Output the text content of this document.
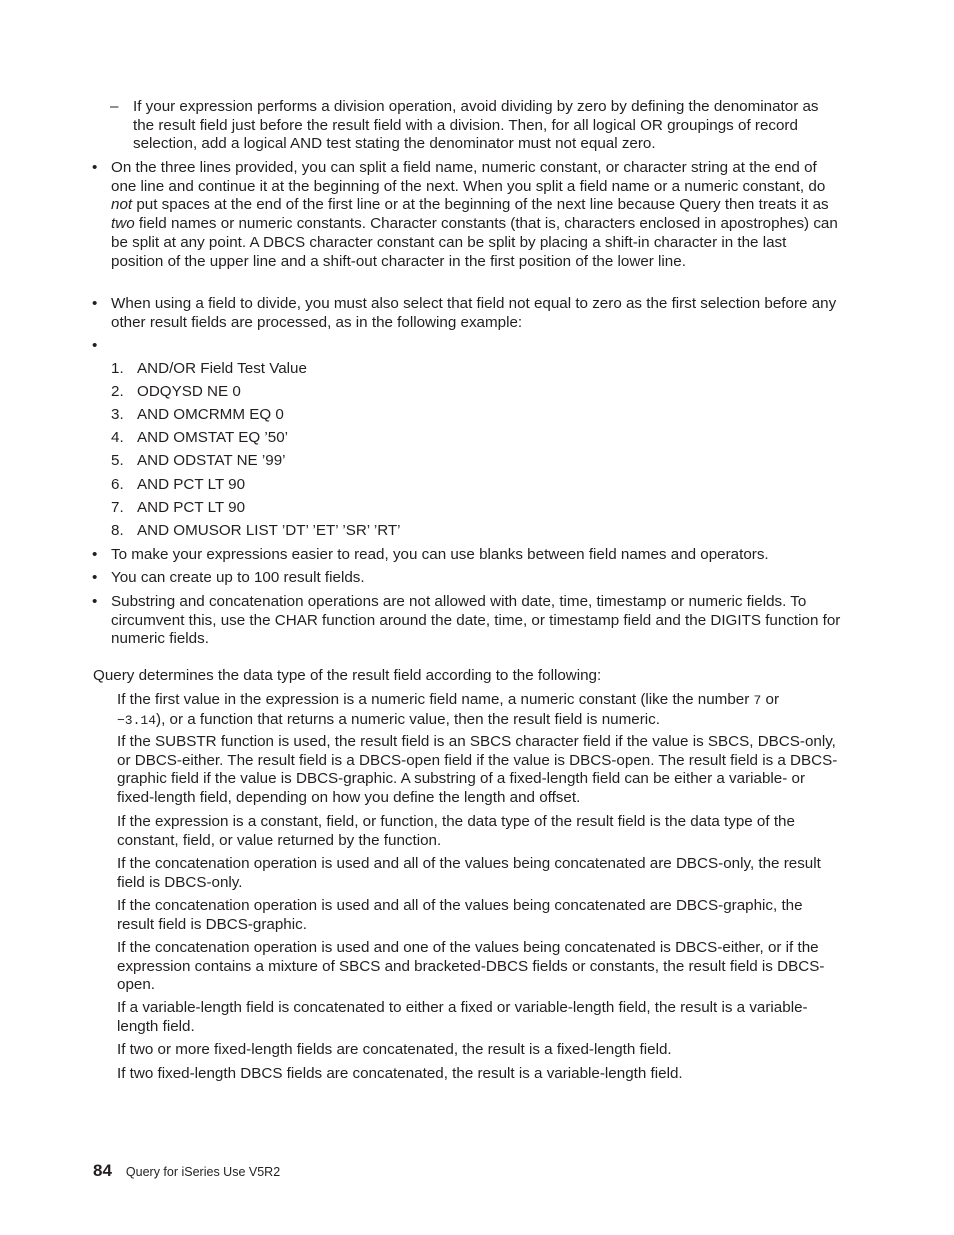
– If your expression performs a division operation, avoid dividing by zero by defining the denominator as the result field just before the result field with a division. Then, for all logical OR groupings of record selection, add a logical AND test stating the denominator must not equal zero.
• On the three lines provided, you can split a field name, numeric constant, or character string at the end of one line and continue it at the beginning of the next. When you split a field name or a numeric constant, do not put spaces at the end of the first line or at the beginning of the next line because Query then treats it as two field names or numeric constants. Character constants (that is, characters enclosed in apostrophes) can be split at any point. A DBCS character constant can be split by placing a shift-in character in the last position of the upper line and a shift-out character in the first position of the lower line.
• When using a field to divide, you must also select that field not equal to zero as the first selection before any other result fields are processed, as in the following example:
•
1. AND/OR Field Test Value
2. ODQYSD NE 0
3. AND OMCRMM EQ 0
4. AND OMSTAT EQ ’50’
5. AND ODSTAT NE ’99’
6. AND PCT LT 90
7. AND PCT LT 90
8. AND OMUSOR LIST ’DT’ ’ET’ ’SR’ ’RT’
• To make your expressions easier to read, you can use blanks between field names and operators.
• You can create up to 100 result fields.
• Substring and concatenation operations are not allowed with date, time, timestamp or numeric fields. To circumvent this, use the CHAR function around the date, time, or timestamp field and the DIGITS function for numeric fields.
Query determines the data type of the result field according to the following:
If the first value in the expression is a numeric field name, a numeric constant (like the number 7 or
−3.14), or a function that returns a numeric value, then the result field is numeric.
If the SUBSTR function is used, the result field is an SBCS character field if the value is SBCS, DBCS-only, or DBCS-either. The result field is a DBCS-open field if the value is DBCS-open. The result field is a DBCS-graphic field if the value is DBCS-graphic. A substring of a fixed-length field can be either a variable- or fixed-length field, depending on how you define the length and offset.
If the expression is a constant, field, or function, the data type of the result field is the data type of the constant, field, or value returned by the function.
If the concatenation operation is used and all of the values being concatenated are DBCS-only, the result field is DBCS-only.
If the concatenation operation is used and all of the values being concatenated are DBCS-graphic, the result field is DBCS-graphic.
If the concatenation operation is used and one of the values being concatenated is DBCS-either, or if the expression contains a mixture of SBCS and bracketed-DBCS fields or constants, the result field is DBCS-open.
If a variable-length field is concatenated to either a fixed or variable-length field, the result is a variable-length field.
If two or more fixed-length fields are concatenated, the result is a fixed-length field.
If two fixed-length DBCS fields are concatenated, the result is a variable-length field.
84 Query for iSeries Use V5R2
